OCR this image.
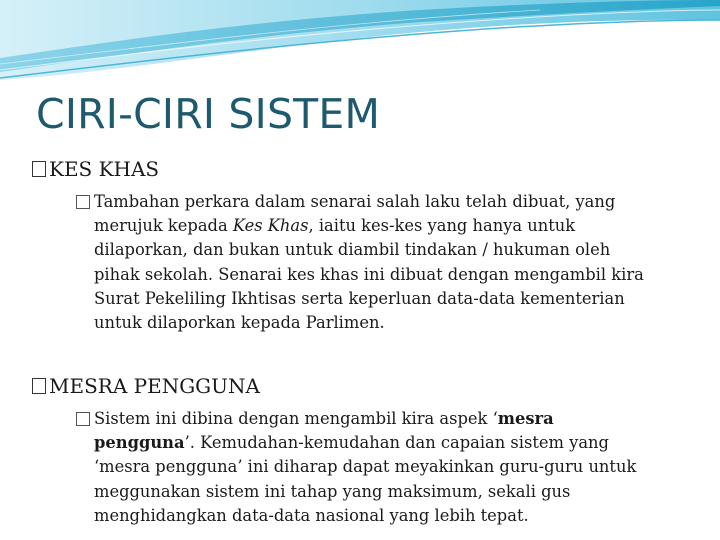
CIRI-CIRI SISTEM
KES KHAS
Tambahan perkara dalam senarai salah laku telah dibuat, yang
merujuk kepada Kes Khas, iaitu kes-kes yang hanya untuk
dilaporkan, dan bukan untuk diambil tindakan / hukuman oleh
pihak sekolah. Senarai kes khas ini dibuat dengan mengambil kira
Surat Pekeliling Ikhtisas serta keperluan data-data kementerian
untuk dilaporkan kepada Parlimen.
MESRA PENGGUNA
Sistem ini dibina dengan mengambil kira aspek ‘mesra
pengguna’. Kemudahan-kemudahan dan capaian sistem yang
‘mesra pengguna’ ini diharap dapat meyakinkan guru-guru untuk
meggunakan sistem ini tahap yang maksimum, sekali gus
menghidangkan data-data nasional yang lebih tepat.
